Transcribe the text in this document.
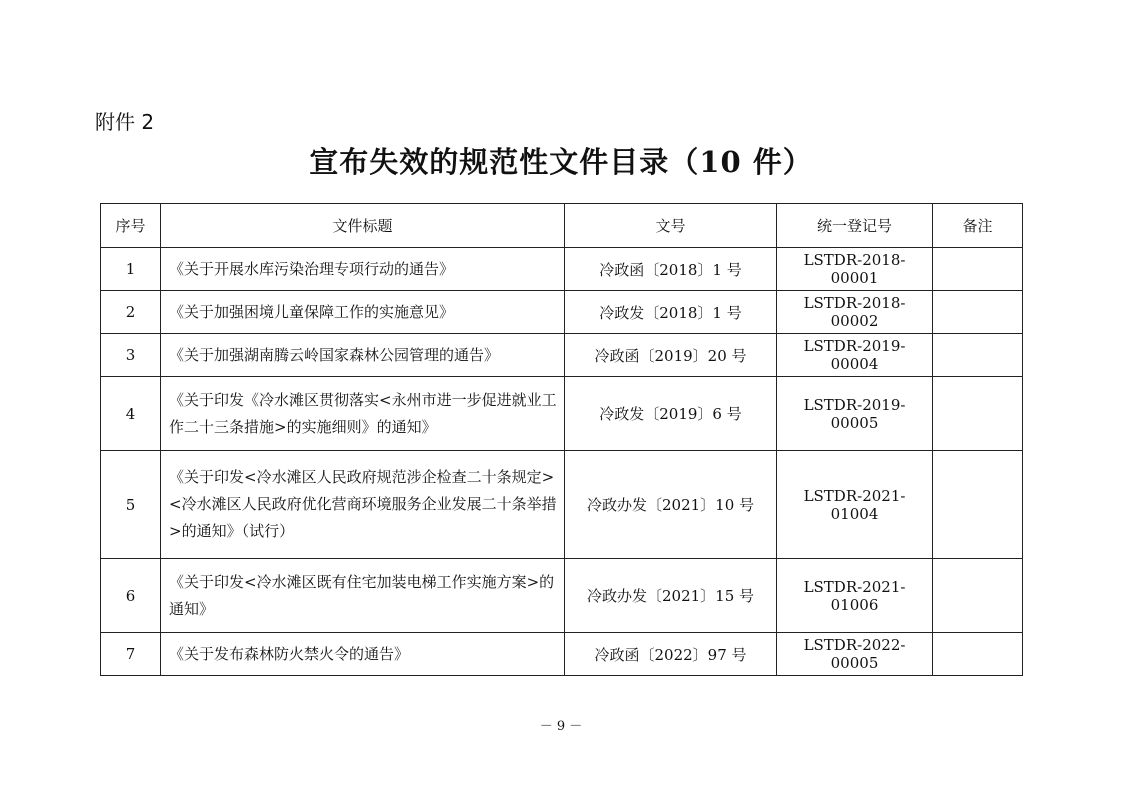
附件 2
宣布失效的规范性文件目录（10 件）
序号	文件标题	文号	统一登记号	备注
1	《关于开展水库污染治理专项行动的通告》	冷政函〔2018〕1 号	LSTDR-2018-00001	
2	《关于加强困境儿童保障工作的实施意见》	冷政发〔2018〕1 号	LSTDR-2018-00002	
3	《关于加强湖南腾云岭国家森林公园管理的通告》	冷政函〔2019〕20 号	LSTDR-2019-00004	
4	《关于印发《冷水滩区贯彻落实<永州市进一步促进就业工作二十三条措施>的实施细则》的通知》	冷政发〔2019〕6 号	LSTDR-2019-00005	
5	《关于印发<冷水滩区人民政府规范涉企检查二十条规定><冷水滩区人民政府优化营商环境服务企业发展二十条举措>的通知》（试行）	冷政办发〔2021〕10 号	LSTDR-2021-01004	
6	《关于印发<冷水滩区既有住宅加装电梯工作实施方案>的通知》	冷政办发〔2021〕15 号	LSTDR-2021-01006	
7	《关于发布森林防火禁火令的通告》	冷政函〔2022〕97 号	LSTDR-2022-00005	
－ 9 －
